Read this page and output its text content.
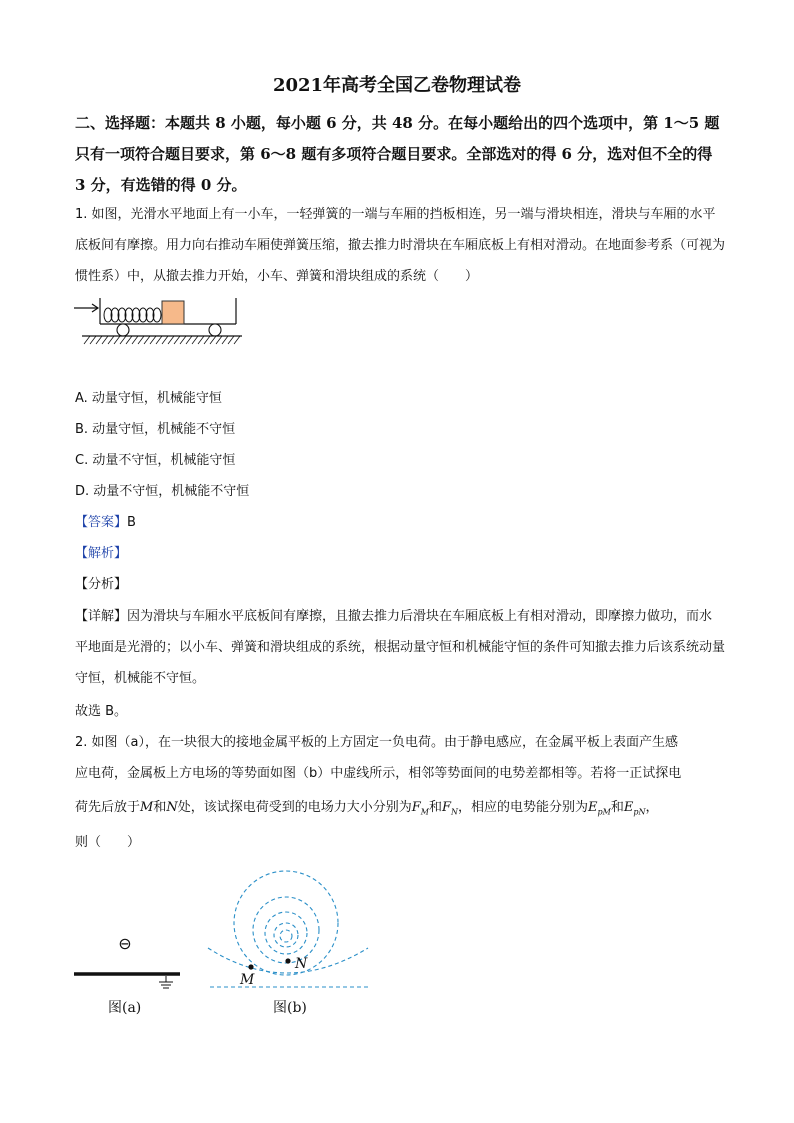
2021年高考全国乙卷物理试卷
二、选择题：本题共 8 小题，每小题 6 分，共 48 分。在每小题给出的四个选项中，第 1～5 题只有一项符合题目要求，第 6～8 题有多项符合题目要求。全部选对的得 6 分，选对但不全的得 3 分，有选错的得 0 分。
1. 如图，光滑水平地面上有一小车，一轻弹簧的一端与车厢的挡板相连，另一端与滑块相连，滑块与车厢的水平底板间有摩擦。用力向右推动车厢使弹簧压缩，撤去推力时滑块在车厢底板上有相对滑动。在地面参考系（可视为惯性系）中，从撤去推力开始，小车、弹簧和滑块组成的系统（　　）
A. 动量守恒，机械能守恒
B. 动量守恒，机械能不守恒
C. 动量不守恒，机械能守恒
D. 动量不守恒，机械能不守恒
【答案】B
【解析】
【分析】
【详解】因为滑块与车厢水平底板间有摩擦，且撤去推力后滑块在车厢底板上有相对滑动，即摩擦力做功，而水平地面是光滑的；以小车、弹簧和滑块组成的系统，根据动量守恒和机械能守恒的条件可知撤去推力后该系统动量守恒，机械能不守恒。
故选 B。
2. 如图（a），在一块很大的接地金属平板的上方固定一负电荷。由于静电感应，在金属平板上表面产生感
应电荷，金属板上方电场的等势面如图（b）中虚线所示，相邻等势面间的电势差都相等。若将一正试探电
荷先后放于M和N处，该试探电荷受到的电场力大小分别为$F_M$和$F_N$，相应的电势能分别为$E_{pM}$和$E_{pN}$，
则（　　）
⊖
图(a)
M
N
图(b)
